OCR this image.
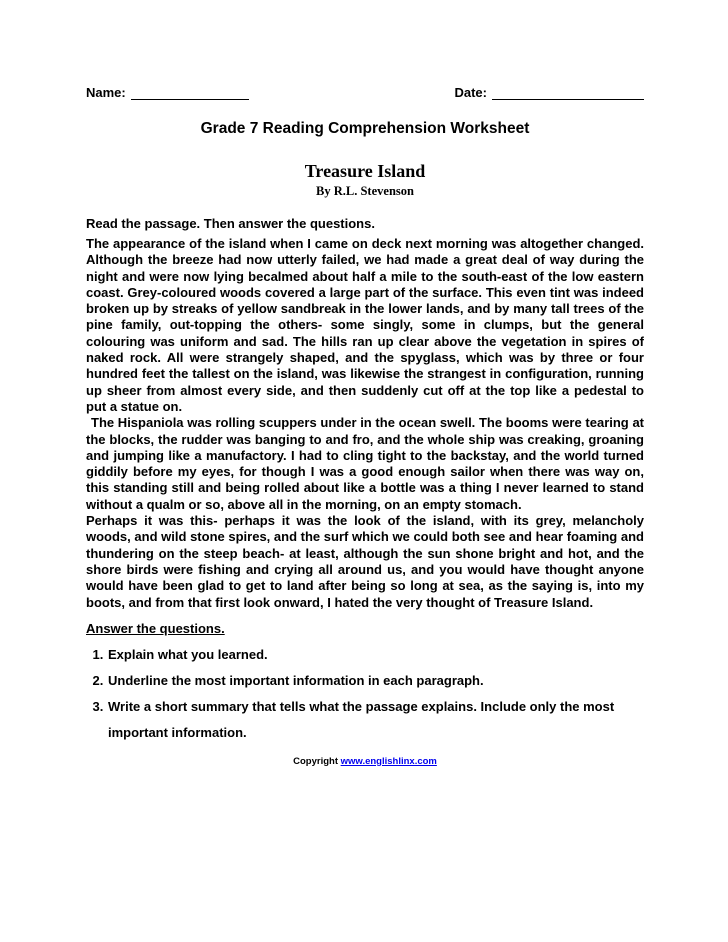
Name:	Date:
Grade 7 Reading Comprehension Worksheet
Treasure Island
By R.L. Stevenson
Read the passage. Then answer the questions.

The appearance of the island when I came on deck next morning was altogether changed. Although the breeze had now utterly failed, we had made a great deal of way during the night and were now lying becalmed about half a mile to the south-east of the low eastern coast. Grey-coloured woods covered a large part of the surface. This even tint was indeed broken up by streaks of yellow sandbreak in the lower lands, and by many tall trees of the pine family, out-topping the others- some singly, some in clumps, but the general colouring was uniform and sad. The hills ran up clear above the vegetation in spires of naked rock. All were strangely shaped, and the spyglass, which was by three or four hundred feet the tallest on the island, was likewise the strangest in configuration, running up sheer from almost every side, and then suddenly cut off at the top like a pedestal to put a statue on.

The Hispaniola was rolling scuppers under in the ocean swell. The booms were tearing at the blocks, the rudder was banging to and fro, and the whole ship was creaking, groaning and jumping like a manufactory. I had to cling tight to the backstay, and the world turned giddily before my eyes, for though I was a good enough sailor when there was way on, this standing still and being rolled about like a bottle was a thing I never learned to stand without a qualm or so, above all in the morning, on an empty stomach.

Perhaps it was this- perhaps it was the look of the island, with its grey, melancholy woods, and wild stone spires, and the surf which we could both see and hear foaming and thundering on the steep beach- at least, although the sun shone bright and hot, and the shore birds were fishing and crying all around us, and you would have thought anyone would have been glad to get to land after being so long at sea, as the saying is, into my boots, and from that first look onward, I hated the very thought of Treasure Island.

Answer the questions.
1. Explain what you learned.
2. Underline the most important information in each paragraph.
3. Write a short summary that tells what the passage explains. Include only the most important information.
Copyright www.englishlinx.com
